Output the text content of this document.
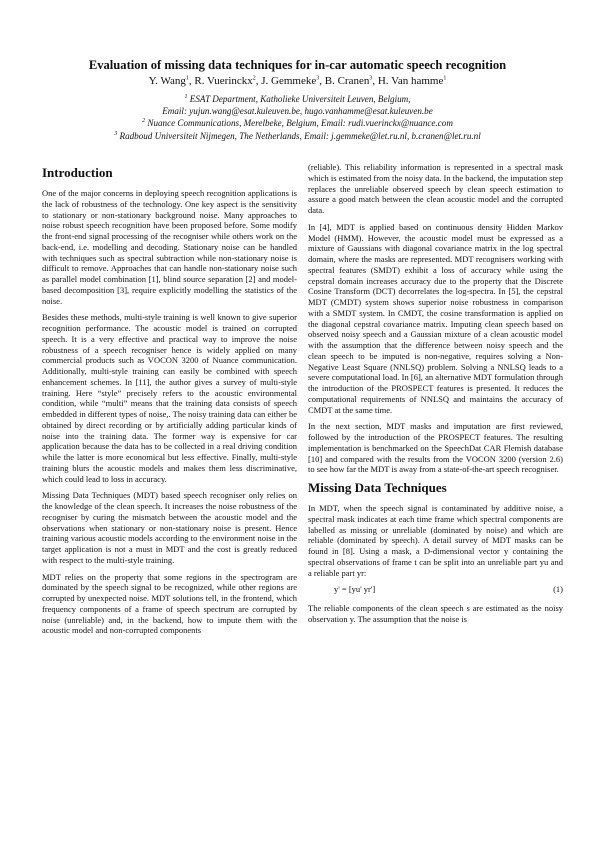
Evaluation of missing data techniques for in-car automatic speech recognition
Y. Wang$^1$, R. Vuerinckx$^2$, J. Gemmeke$^3$, B. Cranen$^3$, H. Van hamme$^1$
$^1$ ESAT Department, Katholieke Universiteit Leuven, Belgium,
Email: yujun.wang@esat.kuleuven.be, hugo.vanhamme@esat.kuleuven.be
$^2$ Nuance Communications, Merelbeke, Belgium, Email: rudi.vuerinckx@nuance.com
$^3$ Radboud Universiteit Nijmegen, The Netherlands, Email: j.gemmeke@let.ru.nl, b.cranen@let.ru.nl
Introduction

One of the major concerns in deploying speech recognition applications is the lack of robustness of the technology. One key aspect is the sensitivity to stationary or non-stationary background noise. Many approaches to noise robust speech recognition have been proposed before. Some modify the front-end signal processing of the recogniser while others work on the back-end, i.e. modelling and decoding. Stationary noise can be handled with techniques such as spectral subtraction while non-stationary noise is difficult to remove. Approaches that can handle non-stationary noise such as parallel model combination [1], blind source separation [2] and model-based decomposition [3], require explicitly modelling the statistics of the noise.

Besides these methods, multi-style training is well known to give superior recognition performance. The acoustic model is trained on corrupted speech. It is a very effective and practical way to improve the noise robustness of a speech recogniser hence is widely applied on many commercial products such as VOCON 3200 of Nuance communication. Additionally, multi-style training can easily be combined with speech enhancement schemes. In [11], the author gives a survey of multi-style training. Here “style” precisely refers to the acoustic environmental condition, while “multi” means that the training data consists of speech embedded in different types of noise,. The noisy training data can either be obtained by direct recording or by artificially adding particular kinds of noise into the training data. The former way is expensive for car application because the data has to be collected in a real driving condition while the latter is more economical but less effective. Finally, multi-style training blurs the acoustic models and makes them less discriminative, which could lead to loss in accuracy.

Missing Data Techniques (MDT) based speech recogniser only relies on the knowledge of the clean speech. It increases the noise robustness of the recogniser by curing the mismatch between the acoustic model and the observations when stationary or non-stationary noise is present. Hence training various acoustic models according to the environment noise in the target application is not a must in MDT and the cost is greatly reduced with respect to the multi-style training.

MDT relies on the property that some regions in the spectrogram are dominated by the speech signal to be recognized, while other regions are corrupted by unexpected noise. MDT solutions tell, in the frontend, which frequency components of a frame of speech spectrum are corrupted by noise (unreliable) and, in the backend, how to impute them with the acoustic model and non-corrupted components

(reliable). This reliability information is represented in a spectral mask which is estimated from the noisy data. In the backend, the imputation step replaces the unreliable observed speech by clean speech estimation to assure a good match between the clean acoustic model and the corrupted data.

In [4], MDT is applied based on continuous density Hidden Markov Model (HMM). However, the acoustic model must be expressed as a mixture of Gaussians with diagonal covariance matrix in the log spectral domain, where the masks are represented. MDT recognisers working with spectral features (SMDT) exhibit a loss of accuracy while using the cepstral domain increases accuracy due to the property that the Discrete Cosine Transform (DCT) decorrelates the log-spectra. In [5], the cepstral MDT (CMDT) system shows superior noise robustness in comparison with a SMDT system. In CMDT, the cosine transformation is applied on the diagonal cepstral covariance matrix. Imputing clean speech based on observed noisy speech and a Gaussian mixture of a clean acoustic model with the assumption that the difference between noisy speech and the clean speech to be imputed is non-negative, requires solving a Non-Negative Least Square (NNLSQ) problem. Solving a NNLSQ leads to a severe computational load. In [6], an alternative MDT formulation through the introduction of the PROSPECT features is presented. It reduces the computational requirements of NNLSQ and maintains the accuracy of CMDT at the same time.

In the next section, MDT masks and imputation are first reviewed, followed by the introduction of the PROSPECT features. The resulting implementation is benchmarked on the SpeechDat CAR Flemish database [10] and compared with the results from the VOCON 3200 (version 2.6) to see how far the MDT is away from a state-of-the-art speech recogniser.

Missing Data Techniques

In MDT, when the speech signal is contaminated by additive noise, a spectral mask indicates at each time frame which spectral components are labelled as missing or unreliable (dominated by noise) and which are reliable (dominated by speech). A detail survey of MDT masks can be found in [8]. Using a mask, a D-dimensional vector y containing the spectral observations of frame t can be split into an unreliable part yu and a reliable part yr:

y' = [yu' yr']	(1)

The reliable components of the clean speech s are estimated as the noisy observation y. The assumption that the noise is
